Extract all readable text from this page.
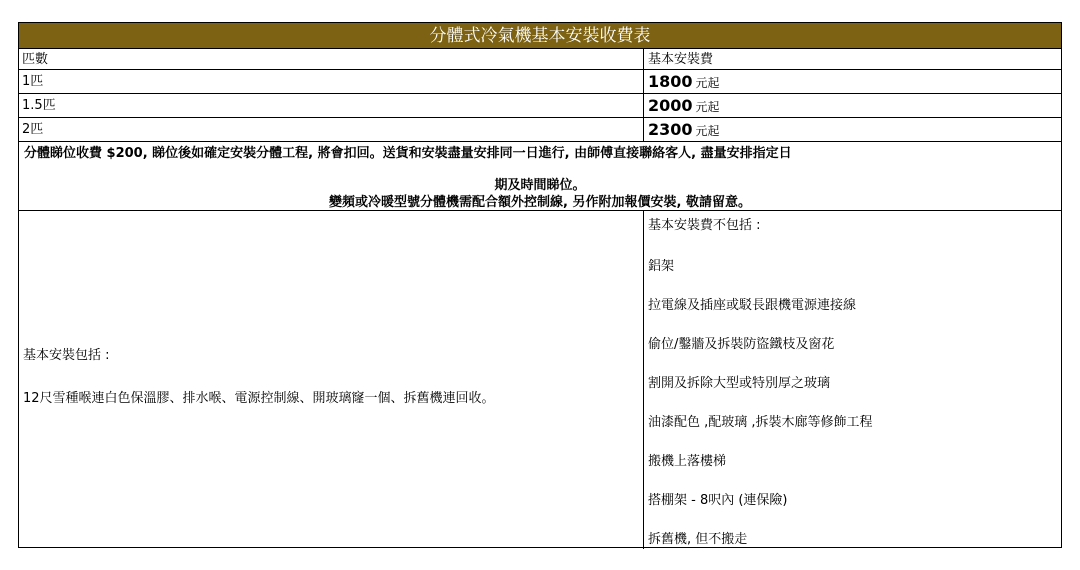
分體式冷氣機基本安裝收費表
匹數	基本安裝費
1匹	1800 元起
1.5匹	2000 元起
2匹	2300 元起
分體睇位收費 $200, 睇位後如確定安裝分體工程, 將會扣回。送貨和安裝盡量安排同一日進行, 由師傅直接聯絡客人, 盡量安排指定日
期及時間睇位。
變頻或冷暖型號分體機需配合額外控制線, 另作附加報價安裝, 敬請留意。
基本安裝包括 :
12尺雪種喉連白色保溫膠、排水喉、電源控制線、開玻璃窿一個、拆舊機連回收。
基本安裝費不包括 :
鋁架
拉電線及插座或駁長跟機電源連接線
偷位/鑿牆及拆裝防盜鐵枝及窗花
割開及拆除大型或特別厚之玻璃
油漆配色 ,配玻璃 ,拆裝木廊等修飾工程
搬機上落樓梯
搭棚架 - 8呎內 (連保險)
拆舊機, 但不搬走
